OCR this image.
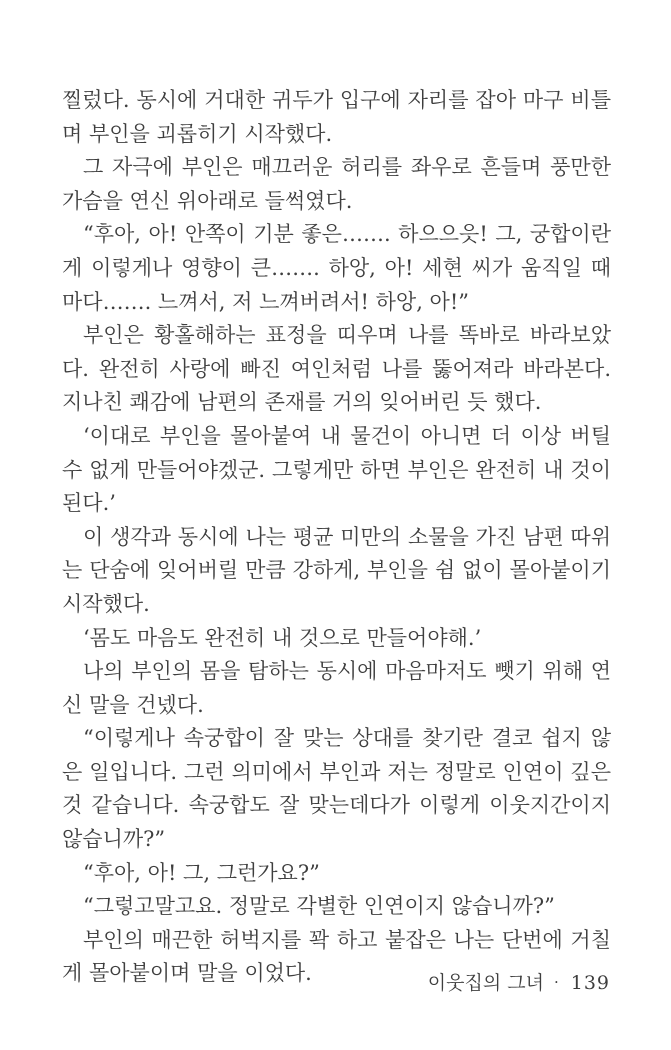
찔렀다. 동시에 거대한 귀두가 입구에 자리를 잡아 마구 비틀며 부인을 괴롭히기 시작했다.

그 자극에 부인은 매끄러운 허리를 좌우로 흔들며 풍만한 가슴을 연신 위아래로 들썩였다.

“후아, 아! 안쪽이 기분 좋은……. 하으으읏! 그, 궁합이란 게 이렇게나 영향이 큰……. 하앙, 아! 세현 씨가 움직일 때마다……. 느껴서, 저 느껴버려서! 하앙, 아!”

부인은 황홀해하는 표정을 띠우며 나를 똑바로 바라보았다. 완전히 사랑에 빠진 여인처럼 나를 뚫어져라 바라본다. 지나친 쾌감에 남편의 존재를 거의 잊어버린 듯 했다.

‘이대로 부인을 몰아붙여 내 물건이 아니면 더 이상 버틸 수 없게 만들어야겠군. 그렇게만 하면 부인은 완전히 내 것이 된다.’

이 생각과 동시에 나는 평균 미만의 소물을 가진 남편 따위는 단숨에 잊어버릴 만큼 강하게, 부인을 쉼 없이 몰아붙이기 시작했다.

‘몸도 마음도 완전히 내 것으로 만들어야해.’

나의 부인의 몸을 탐하는 동시에 마음마저도 뺏기 위해 연신 말을 건넸다.

“이렇게나 속궁합이 잘 맞는 상대를 찾기란 결코 쉽지 않은 일입니다. 그런 의미에서 부인과 저는 정말로 인연이 깊은 것 같습니다. 속궁합도 잘 맞는데다가 이렇게 이웃지간이지 않습니까?”

“후아, 아! 그, 그런가요?”

“그렇고말고요. 정말로 각별한 인연이지 않습니까?”

부인의 매끈한 허벅지를 꽉 하고 붙잡은 나는 단번에 거칠게 몰아붙이며 말을 이었다.	이웃집의 그녀 · 139
